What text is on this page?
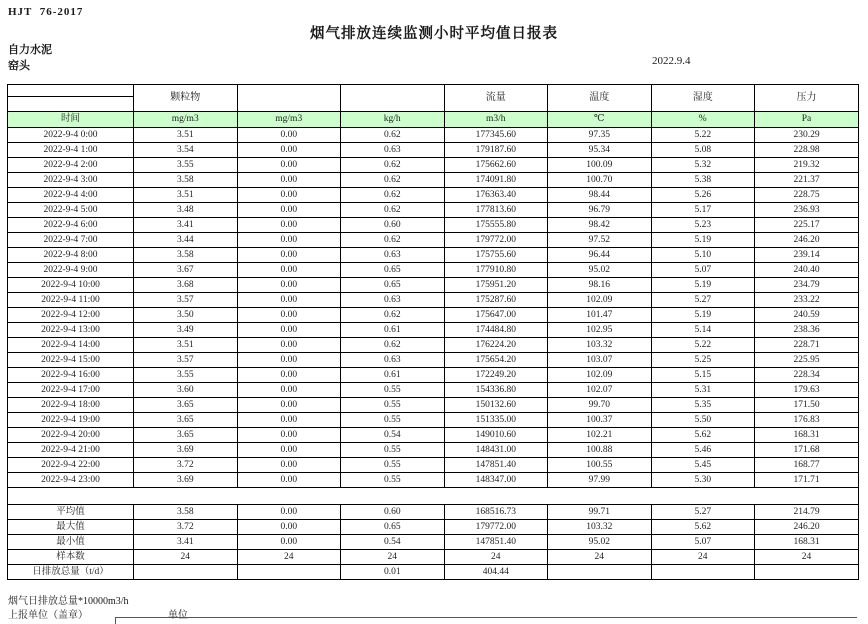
HJT  76-2017
烟气排放连续监测小时平均值日报表
自力水泥
窑头	2022.9.4
	颗粒物			流量	温度	湿度	压力

时间	mg/m3	mg/m3	kg/h	m3/h	℃	%	Pa
2022-9-4 0:00	3.51	0.00	0.62	177345.60	97.35	5.22	230.29
2022-9-4 1:00	3.54	0.00	0.63	179187.60	95.34	5.08	228.98
2022-9-4 2:00	3.55	0.00	0.62	175662.60	100.09	5.32	219.32
2022-9-4 3:00	3.58	0.00	0.62	174091.80	100.70	5.38	221.37
2022-9-4 4:00	3.51	0.00	0.62	176363.40	98.44	5.26	228.75
2022-9-4 5:00	3.48	0.00	0.62	177813.60	96.79	5.17	236.93
2022-9-4 6:00	3.41	0.00	0.60	175555.80	98.42	5.23	225.17
2022-9-4 7:00	3.44	0.00	0.62	179772.00	97.52	5.19	246.20
2022-9-4 8:00	3.58	0.00	0.63	175755.60	96.44	5.10	239.14
2022-9-4 9:00	3.67	0.00	0.65	177910.80	95.02	5.07	240.40
2022-9-4 10:00	3.68	0.00	0.65	175951.20	98.16	5.19	234.79
2022-9-4 11:00	3.57	0.00	0.63	175287.60	102.09	5.27	233.22
2022-9-4 12:00	3.50	0.00	0.62	175647.00	101.47	5.19	240.59
2022-9-4 13:00	3.49	0.00	0.61	174484.80	102.95	5.14	238.36
2022-9-4 14:00	3.51	0.00	0.62	176224.20	103.32	5.22	228.71
2022-9-4 15:00	3.57	0.00	0.63	175654.20	103.07	5.25	225.95
2022-9-4 16:00	3.55	0.00	0.61	172249.20	102.09	5.15	228.34
2022-9-4 17:00	3.60	0.00	0.55	154336.80	102.07	5.31	179.63
2022-9-4 18:00	3.65	0.00	0.55	150132.60	99.70	5.35	171.50
2022-9-4 19:00	3.65	0.00	0.55	151335.00	100.37	5.50	176.83
2022-9-4 20:00	3.65	0.00	0.54	149010.60	102.21	5.62	168.31
2022-9-4 21:00	3.69	0.00	0.55	148431.00	100.88	5.46	171.68
2022-9-4 22:00	3.72	0.00	0.55	147851.40	100.55	5.45	168.77
2022-9-4 23:00	3.69	0.00	0.55	148347.00	97.99	5.30	171.71

平均值	3.58	0.00	0.60	168516.73	99.71	5.27	214.79
最大值	3.72	0.00	0.65	179772.00	103.32	5.62	246.20
最小值	3.41	0.00	0.54	147851.40	95.02	5.07	168.31
样本数	24	24	24	24	24	24	24
日排放总量（t/d）			0.01	404.44			
烟气日排放总量*10000m3/h
上报单位（盖章）	单位
